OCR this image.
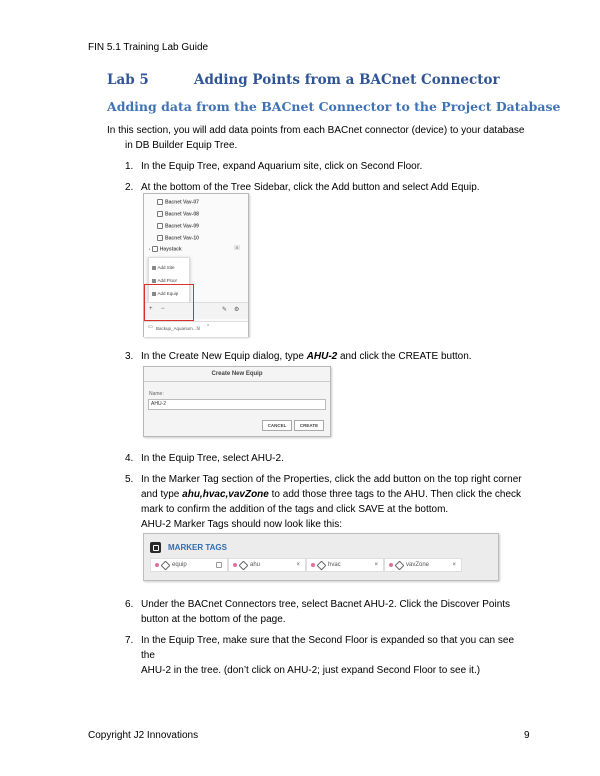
FIN 5.1 Training Lab Guide
Lab 5	Adding Points from a BACnet Connector
Adding data from the BACnet Connector to the Project Database
In this section, you will add data points from each BACnet connector (device) to your database
in DB Builder Equip Tree.
1. In the Equip Tree, expand Aquarium site, click on Second Floor.
2. At the bottom of the Tree Sidebar, click the Add button and select Add Equip.
Bacnet Vav-07
Bacnet Vav-08
Bacnet Vav-09
Bacnet Vav-10
› Haystack	6
Add Site
Add Floor
Add Equip
+ −	✎ ⚙
▭ Backup_Aquarium...fil ⌃
3. In the Create New Equip dialog, type AHU-2 and click the CREATE button.
Create New Equip
Name:
AHU-2
CANCEL	CREATE
4. In the Equip Tree, select AHU-2.
5. In the Marker Tag section of the Properties, click the add button on the top right corner
and type ahu,hvac,vavZone to add those three tags to the AHU. Then click the check
mark to confirm the addition of the tags and click SAVE at the bottom.
AHU-2 Marker Tags should now look like this:
MARKER TAGS
equip	ahu	×	hvac	×	vavZone	×
6. Under the BACnet Connectors tree, select Bacnet AHU-2. Click the Discover Points
button at the bottom of the page.
7. In the Equip Tree, make sure that the Second Floor is expanded so that you can see the
AHU-2 in the tree. (don’t click on AHU-2; just expand Second Floor to see it.)
Copyright J2 Innovations	9
